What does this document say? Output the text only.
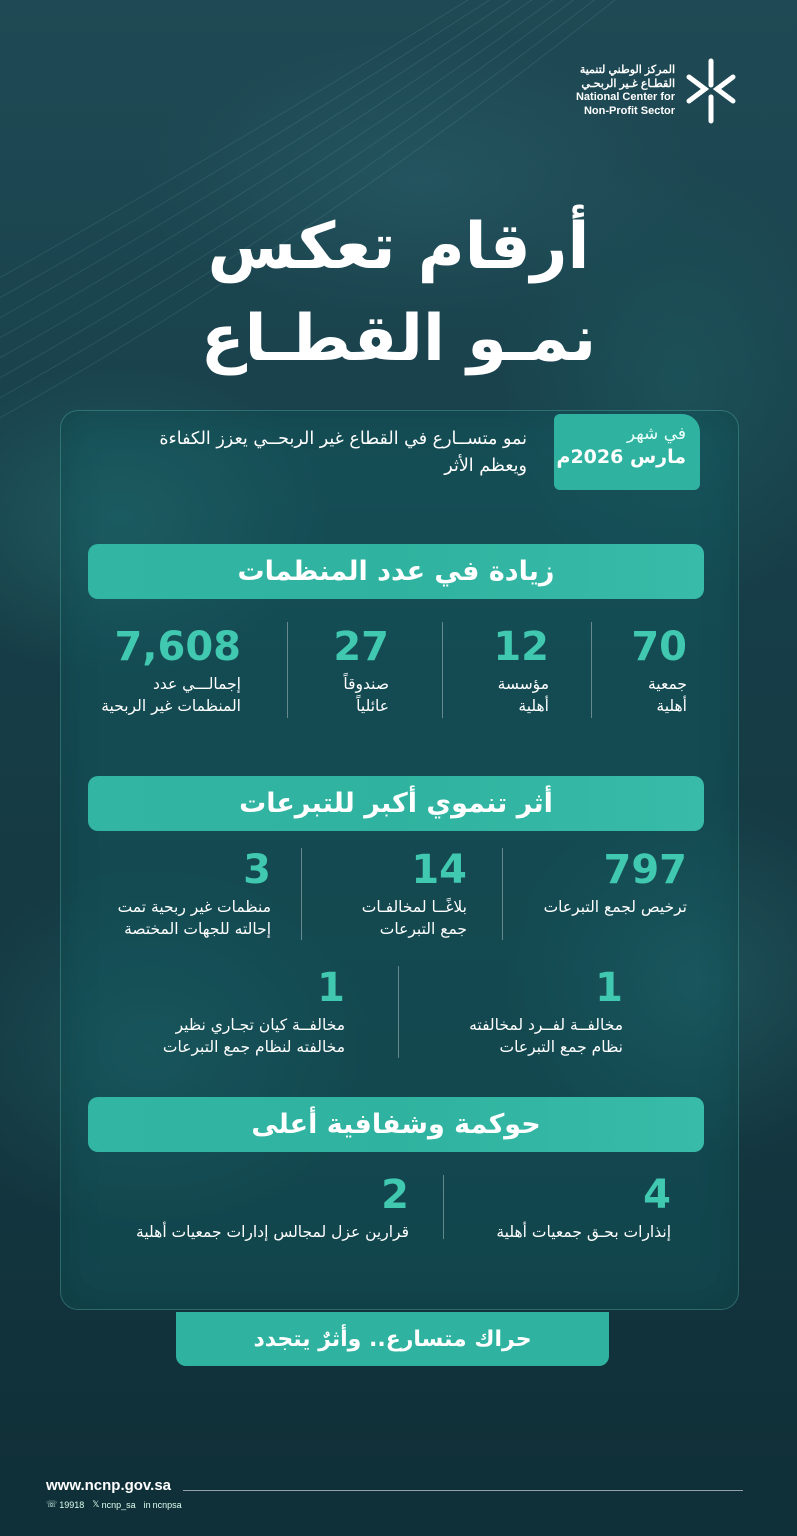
المركز الوطني لتنمية
القطـاع غـير الربحـي
National Center for
Non-Profit Sector
أرقام تعكس
نمـو القطـاع
في شهر
مارس 2026م
نمو متســارع في القطاع غير الربحــي يعزز الكفاءة
ويعظم الأثر
زيادة في عدد المنظمات
70
جمعية
أهلية
12
مؤسسة
أهلية
27
صندوقاً
عائلياً
7,608
إجمالـــي عدد
المنظمات غير الربحية
أثر تنموي أكبر للتبرعات
797
ترخيص لجمع التبرعات
14
بلاغًــا لمخالفـات
جمع التبرعات
3
منظمات غير ربحية تمت
إحالته للجهات المختصة
1
مخالفــة لفــرد لمخالفته
نظام جمع التبرعات
1
مخالفــة كيان تجـاري نظير
مخالفته لنظام جمع التبرعات
حوكمة وشفافية أعلى
4
إنذارات بحـق جمعيات أهلية
2
قرارين عزل لمجالس إدارات جمعيات أهلية
حراك متسارع.. وأثرٌ يتجدد
www.ncnp.gov.sa
☏ 19918 𝕏 ncnp_sa in ncnpsa
